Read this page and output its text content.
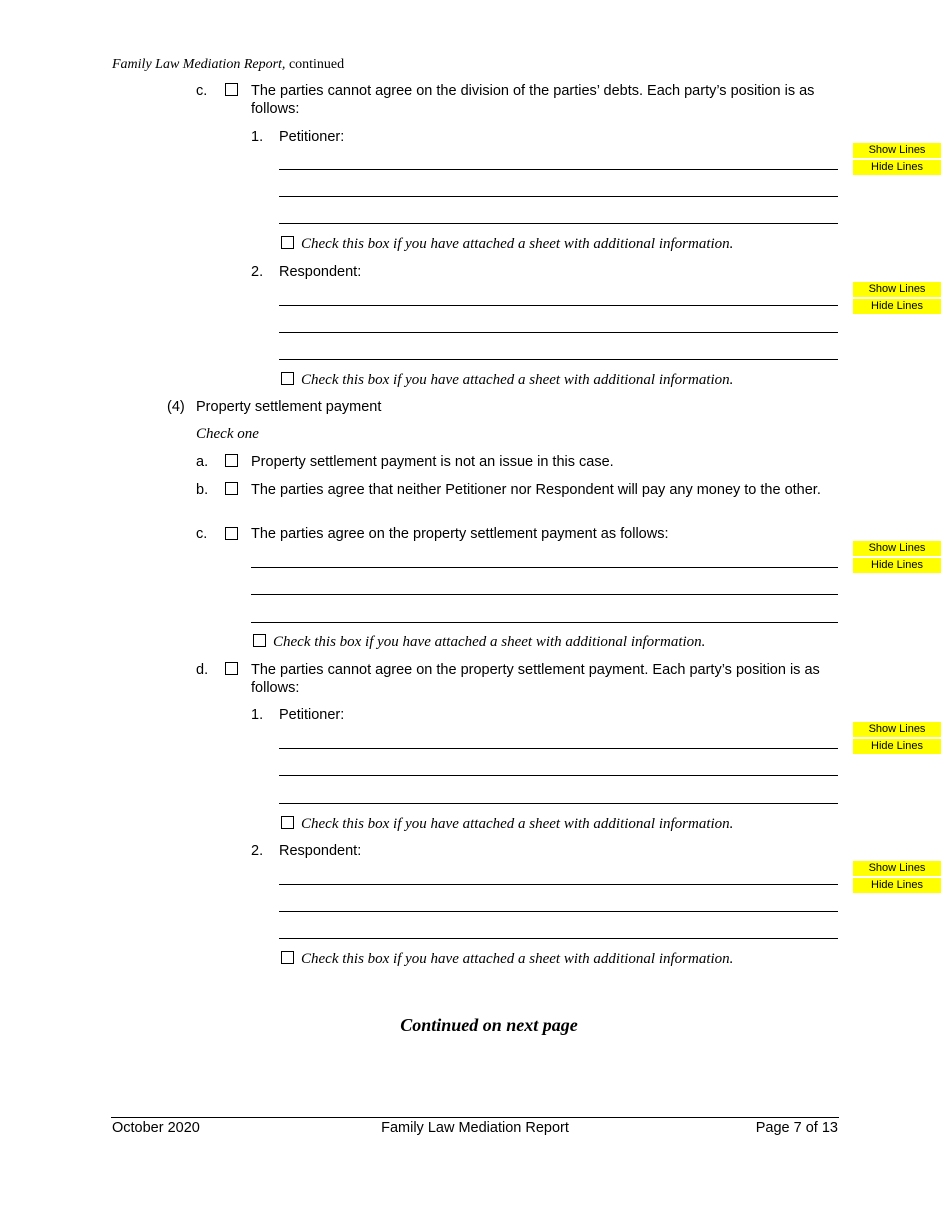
Family Law Mediation Report, continued
c.	The parties cannot agree on the division of the parties’ debts. Each party’s position is as follows:
1. Petitioner:
Show Lines
Hide Lines
Check this box if you have attached a sheet with additional information.
2. Respondent:
Show Lines
Hide Lines
Check this box if you have attached a sheet with additional information.
(4) Property settlement payment
Check one
a.	Property settlement payment is not an issue in this case.
b.	The parties agree that neither Petitioner nor Respondent will pay any money to the other.
c.	The parties agree on the property settlement payment as follows:
Show Lines
Hide Lines
Check this box if you have attached a sheet with additional information.
d.	The parties cannot agree on the property settlement payment. Each party’s position is as follows:
1. Petitioner:
Show Lines
Hide Lines
Check this box if you have attached a sheet with additional information.
2. Respondent:
Show Lines
Hide Lines
Check this box if you have attached a sheet with additional information.
Continued on next page
October 2020	Family Law Mediation Report	Page 7 of 13
